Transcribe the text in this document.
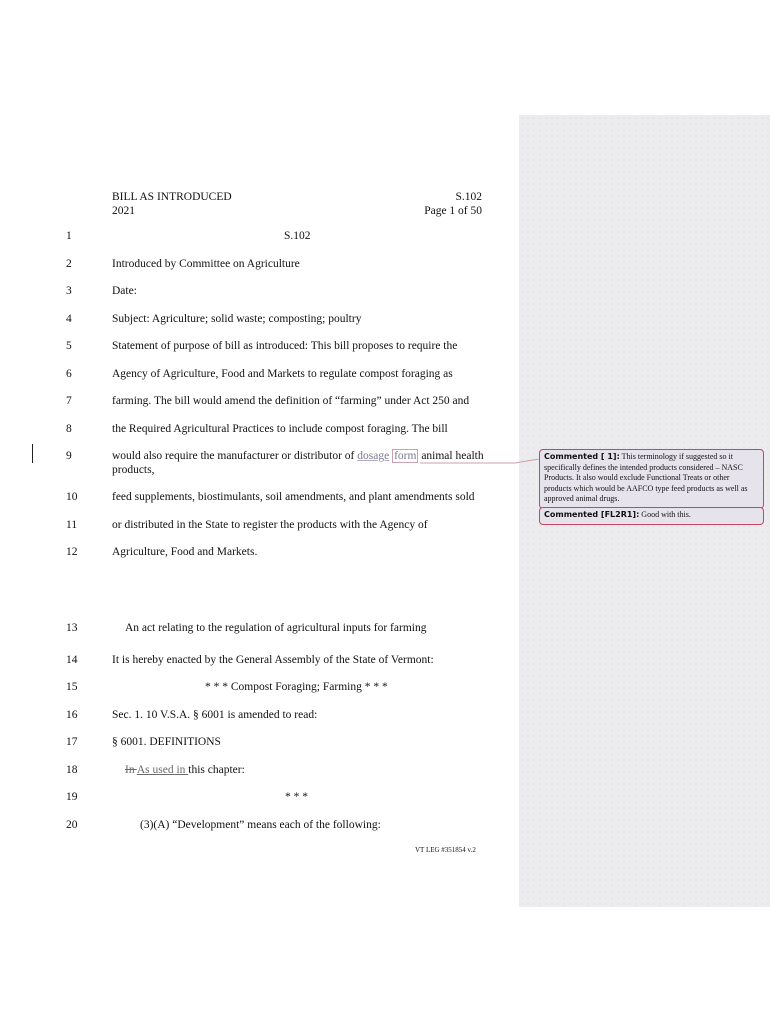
BILL AS INTRODUCED
2021
S.102
Page 1 of 50
1	S.102
2	Introduced by Committee on Agriculture
3	Date:
4	Subject: Agriculture; solid waste; composting; poultry
5	Statement of purpose of bill as introduced: This bill proposes to require the
6	Agency of Agriculture, Food and Markets to regulate compost foraging as
7	farming. The bill would amend the definition of “farming” under Act 250 and
8	the Required Agricultural Practices to include compost foraging. The bill
9	would also require the manufacturer or distributor of dosage form animal health
products,
10	feed supplements, biostimulants, soil amendments, and plant amendments sold
11	or distributed in the State to register the products with the Agency of
12	Agriculture, Food and Markets.
13	An act relating to the regulation of agricultural inputs for farming
14	It is hereby enacted by the General Assembly of the State of Vermont:
15	* * * Compost Foraging; Farming * * *
16	Sec. 1. 10 V.S.A. § 6001 is amended to read:
17	§ 6001. DEFINITIONS
18	In As used in this chapter:
19	* * *
20	(3)(A) “Development” means each of the following:
VT LEG #351854 v.2
Commented [ 1]: This terminology if suggested so it specifically defines the intended products considered – NASC Products. It also would exclude Functional Treats or other products which would be AAFCO type feed products as well as approved animal drugs.
Commented [FL2R1]: Good with this.
